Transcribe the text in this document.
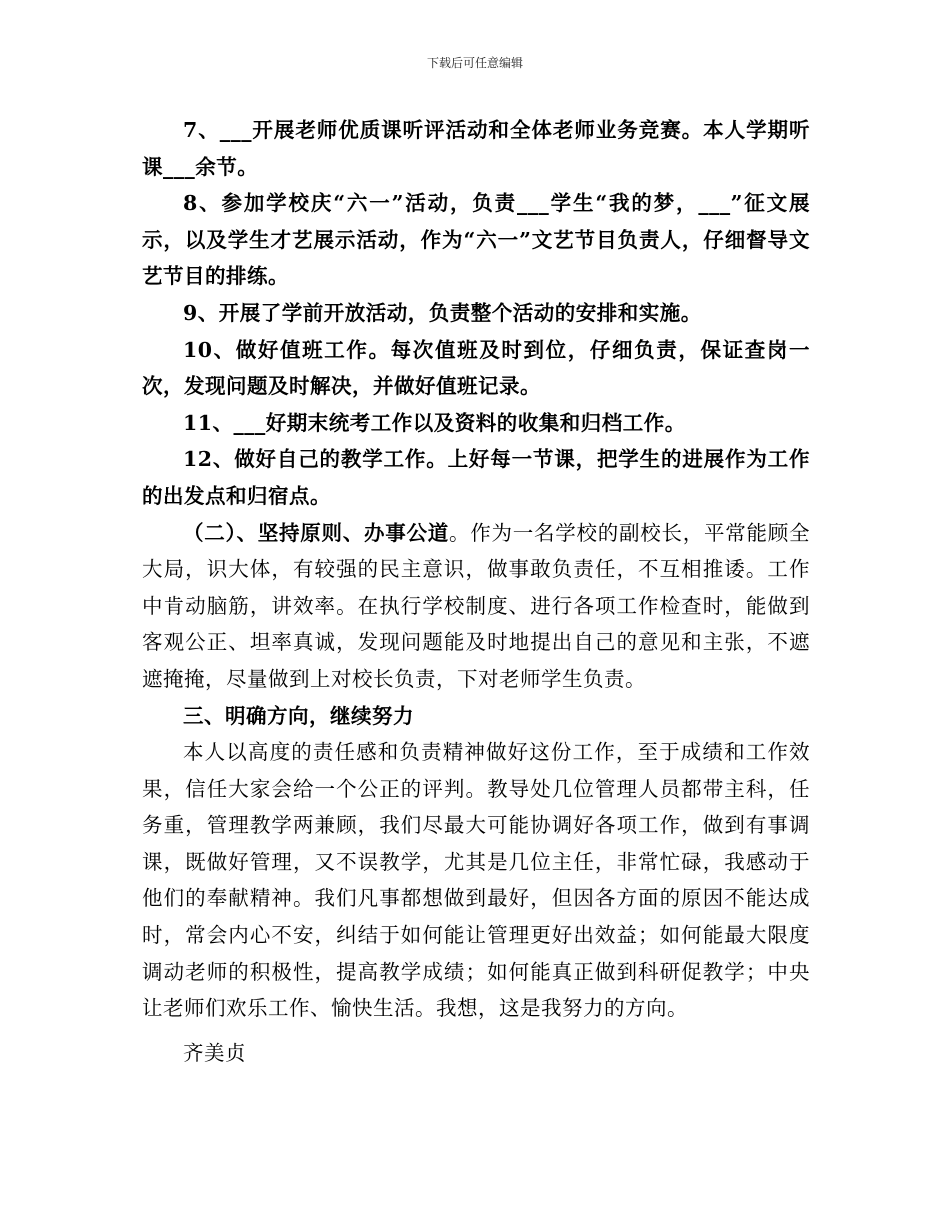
下载后可任意编辑

7、___开展老师优质课听评活动和全体老师业务竞赛。本人学期听课___余节。

8、参加学校庆“六一”活动，负责___学生“我的梦，___”征文展示，以及学生才艺展示活动，作为“六一”文艺节目负责人，仔细督导文艺节目的排练。

9、开展了学前开放活动，负责整个活动的安排和实施。

10、做好值班工作。每次值班及时到位，仔细负责，保证查岗一次，发现问题及时解决，并做好值班记录。

11、___好期末统考工作以及资料的收集和归档工作。

12、做好自己的教学工作。上好每一节课，把学生的进展作为工作的出发点和归宿点。

（二）、坚持原则、办事公道。作为一名学校的副校长，平常能顾全大局，识大体，有较强的民主意识，做事敢负责任，不互相推诿。工作中肯动脑筋，讲效率。在执行学校制度、进行各项工作检查时，能做到客观公正、坦率真诚，发现问题能及时地提出自己的意见和主张，不遮遮掩掩，尽量做到上对校长负责，下对老师学生负责。

三、明确方向，继续努力

本人以高度的责任感和负责精神做好这份工作，至于成绩和工作效果，信任大家会给一个公正的评判。教导处几位管理人员都带主科，任务重，管理教学两兼顾，我们尽最大可能协调好各项工作，做到有事调课，既做好管理，又不误教学，尤其是几位主任，非常忙碌，我感动于他们的奉献精神。我们凡事都想做到最好，但因各方面的原因不能达成时，常会内心不安，纠结于如何能让管理更好出效益；如何能最大限度调动老师的积极性，提高教学成绩；如何能真正做到科研促教学；中央让老师们欢乐工作、愉快生活。我想，这是我努力的方向。

齐美贞
